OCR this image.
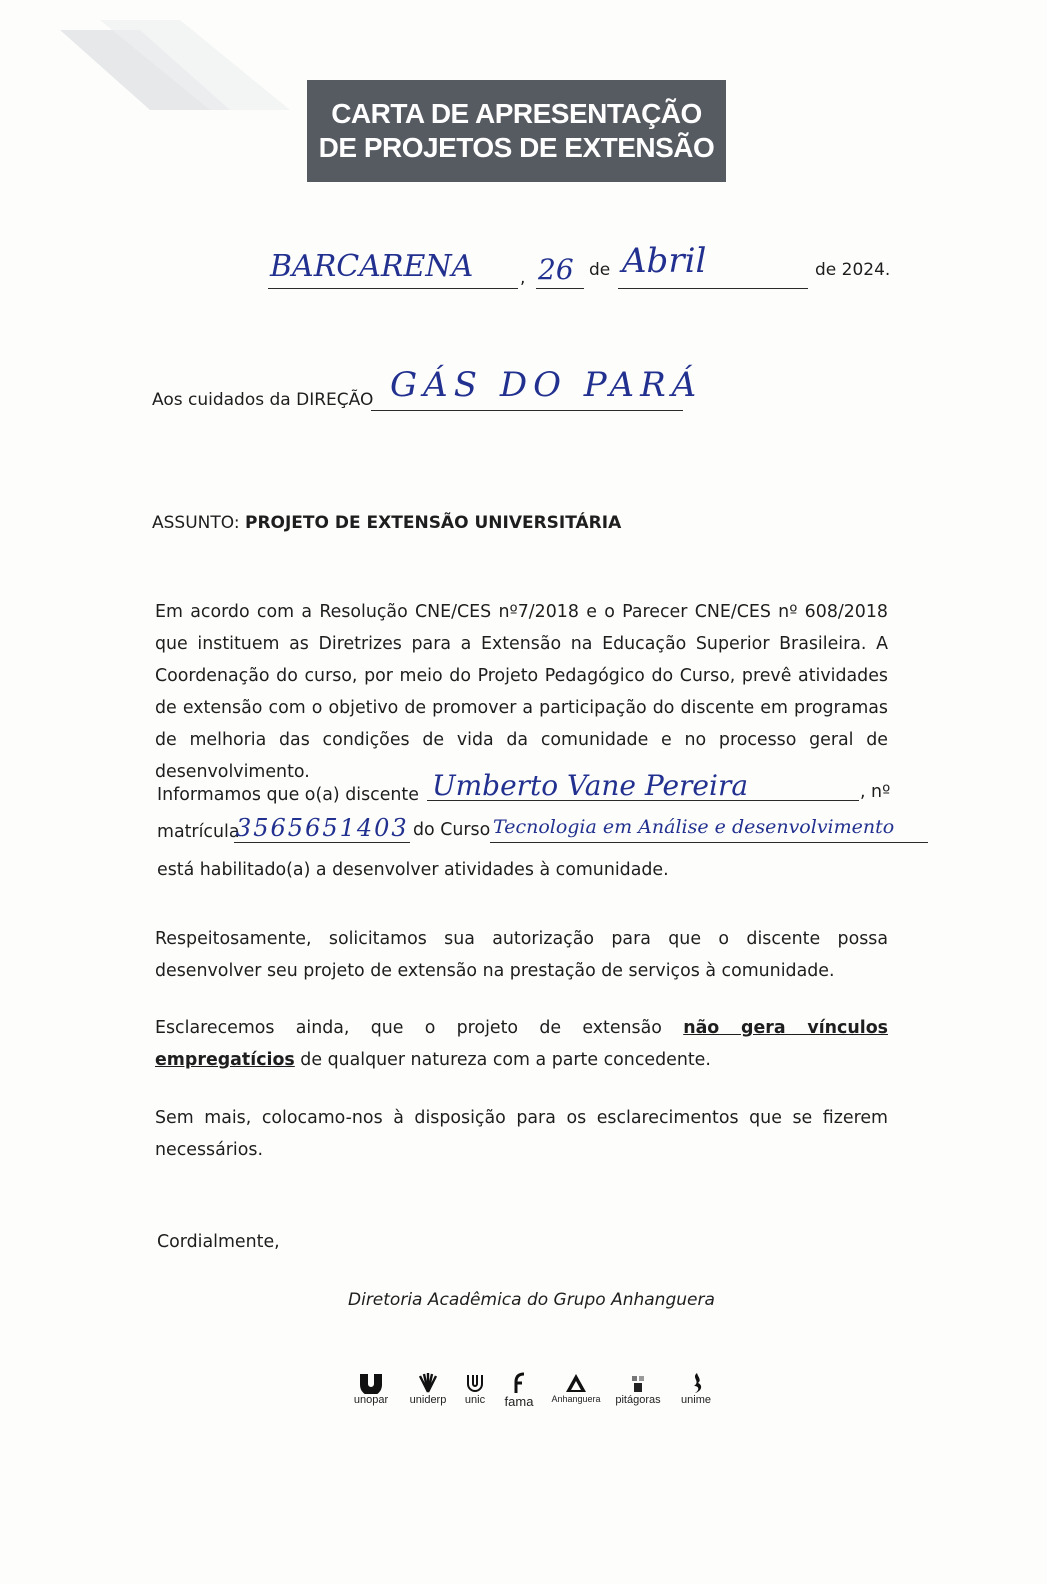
CARTA DE APRESENTAÇÃO
DE PROJETOS DE EXTENSÃO
BARCARENA	, 26 de Abril	de 2024.
Aos cuidados da DIREÇÃO GÁS DO PARÁ
ASSUNTO: PROJETO DE EXTENSÃO UNIVERSITÁRIA
Em acordo com a Resolução CNE/CES nº7/2018 e o Parecer CNE/CES nº 608/2018 que instituem as Diretrizes para a Extensão na Educação Superior Brasileira. A Coordenação do curso, por meio do Projeto Pedagógico do Curso, prevê atividades de extensão com o objetivo de promover a participação do discente em programas de melhoria das condições de vida da comunidade e no processo geral de desenvolvimento.
Informamos que o(a) discente Umberto Vane Pereira	, nº
matrícula
3565651403 do Curso Tecnologia em Análise e desenvolvimento
está habilitado(a) a desenvolver atividades à comunidade.
Respeitosamente, solicitamos sua autorização para que o discente possa desenvolver seu projeto de extensão na prestação de serviços à comunidade.
Esclarecemos ainda, que o projeto de extensão não gera vínculos empregatícios de qualquer natureza com a parte concedente.
Sem mais, colocamo-nos à disposição para os esclarecimentos que se fizerem necessários.
Cordialmente,
Diretoria Acadêmica do Grupo Anhanguera
unopar	uniderp	unic	fama	Anhanguera	pitágoras	unime
